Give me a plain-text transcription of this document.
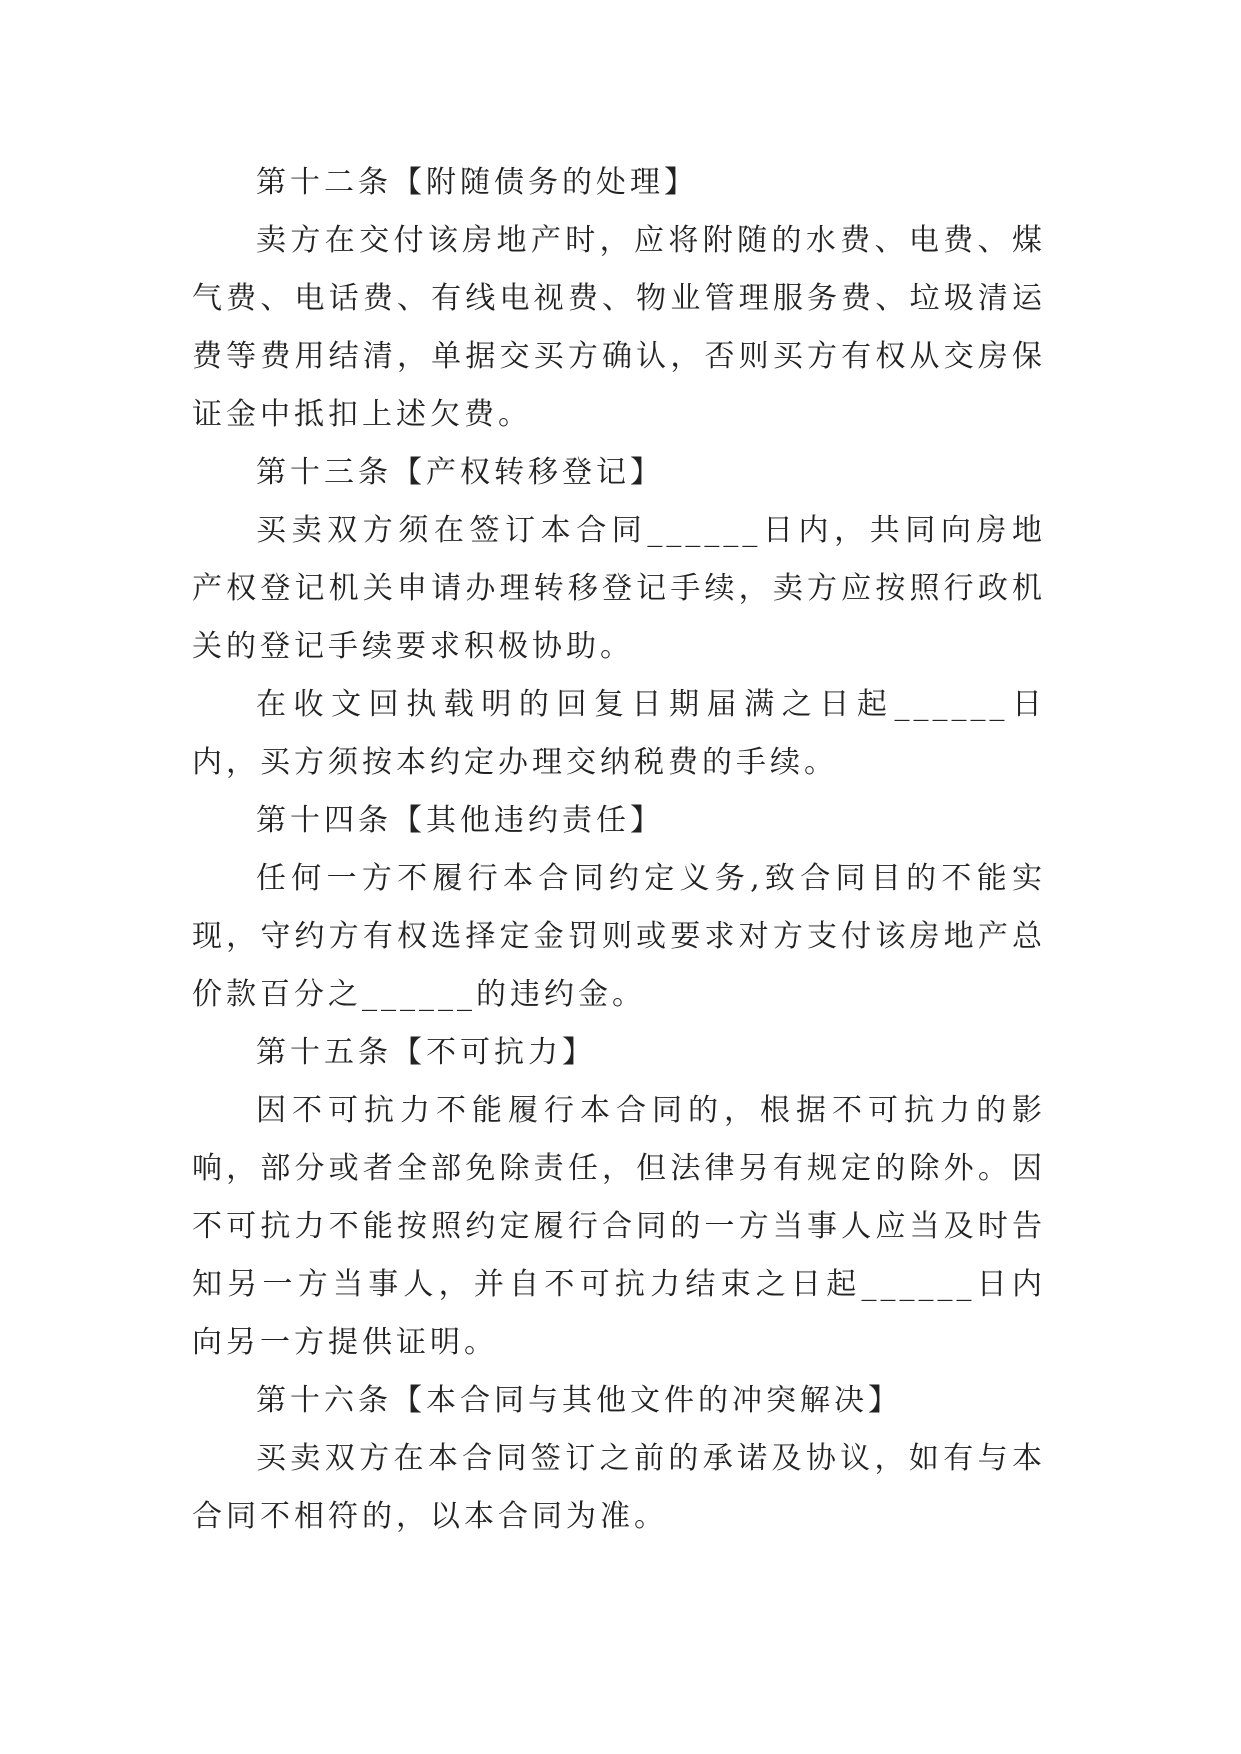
第十二条【附随债务的处理】

卖方在交付该房地产时，应将附随的水费、电费、煤气费、电话费、有线电视费、物业管理服务费、垃圾清运费等费用结清，单据交买方确认，否则买方有权从交房保证金中抵扣上述欠费。

第十三条【产权转移登记】

买卖双方须在签订本合同______日内，共同向房地产权登记机关申请办理转移登记手续，卖方应按照行政机关的登记手续要求积极协助。

在收文回执载明的回复日期届满之日起______日内，买方须按本约定办理交纳税费的手续。

第十四条【其他违约责任】

任何一方不履行本合同约定义务,致合同目的不能实现，守约方有权选择定金罚则或要求对方支付该房地产总价款百分之______的违约金。

第十五条【不可抗力】

因不可抗力不能履行本合同的，根据不可抗力的影响，部分或者全部免除责任，但法律另有规定的除外。因不可抗力不能按照约定履行合同的一方当事人应当及时告知另一方当事人，并自不可抗力结束之日起______日内向另一方提供证明。

第十六条【本合同与其他文件的冲突解决】

买卖双方在本合同签订之前的承诺及协议，如有与本合同不相符的，以本合同为准。
